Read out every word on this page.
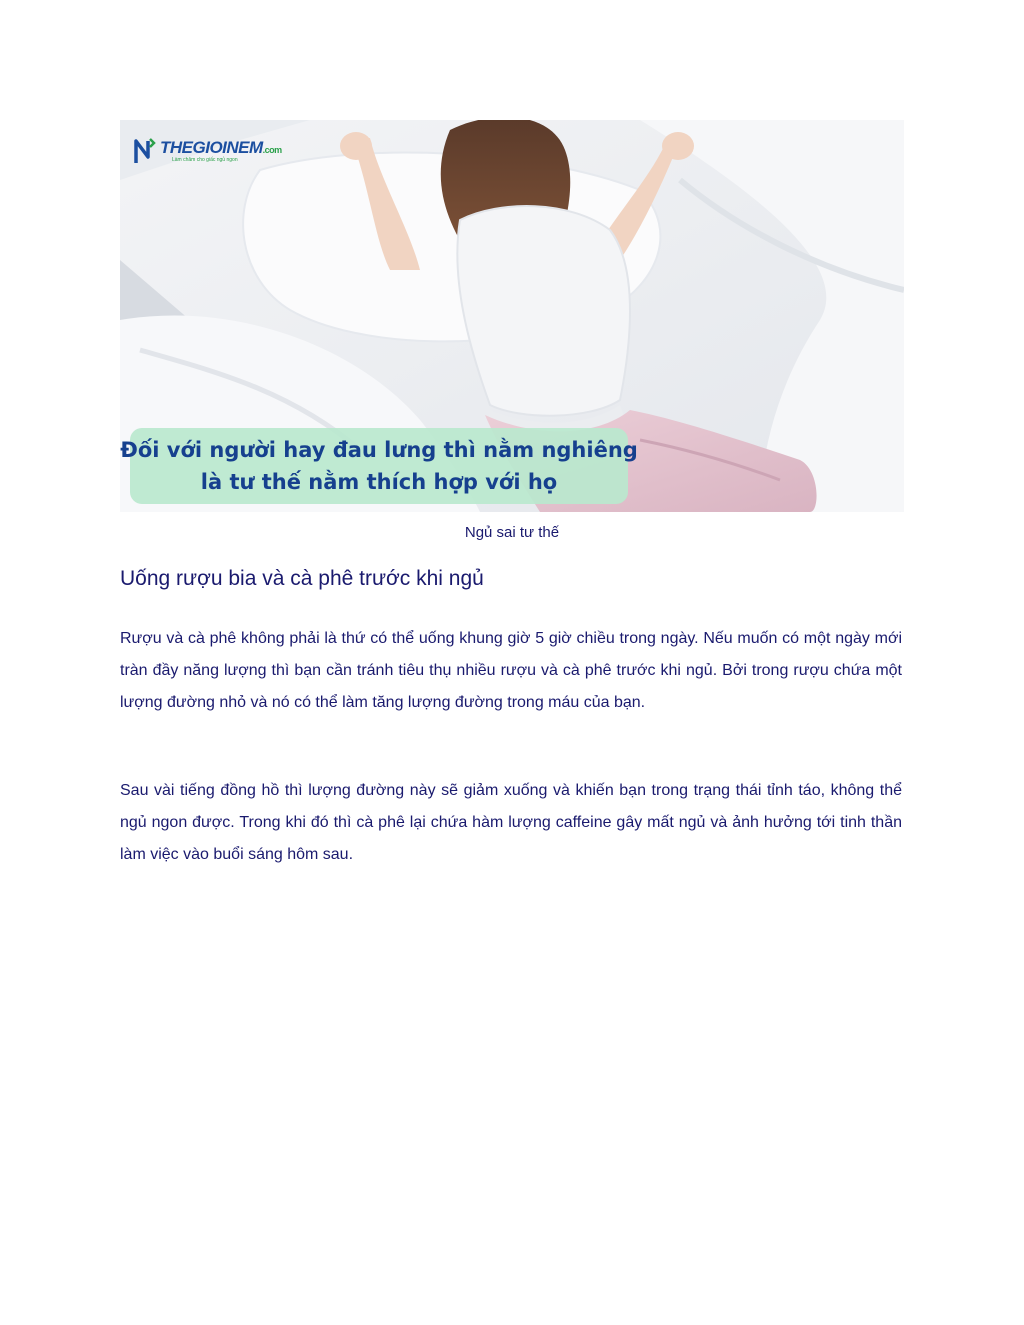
THEGIOINEM.com
Làm chăm cho giấc ngủ ngon
Đối với người hay đau lưng thì nằm nghiêng
là tư thế nằm thích hợp với họ
Ngủ sai tư thế
Uống rượu bia và cà phê trước khi ngủ

Rượu và cà phê không phải là thứ có thể uống khung giờ 5 giờ chiều trong ngày. Nếu muốn có một ngày mới tràn đầy năng lượng thì bạn cần tránh tiêu thụ nhiều rượu và cà phê trước khi ngủ. Bởi trong rượu chứa một lượng đường nhỏ và nó có thể làm tăng lượng đường trong máu của bạn.

Sau vài tiếng đồng hồ thì lượng đường này sẽ giảm xuống và khiến bạn trong trạng thái tỉnh táo, không thể ngủ ngon được. Trong khi đó thì cà phê lại chứa hàm lượng caffeine gây mất ngủ và ảnh hưởng tới tinh thần làm việc vào buổi sáng hôm sau.
